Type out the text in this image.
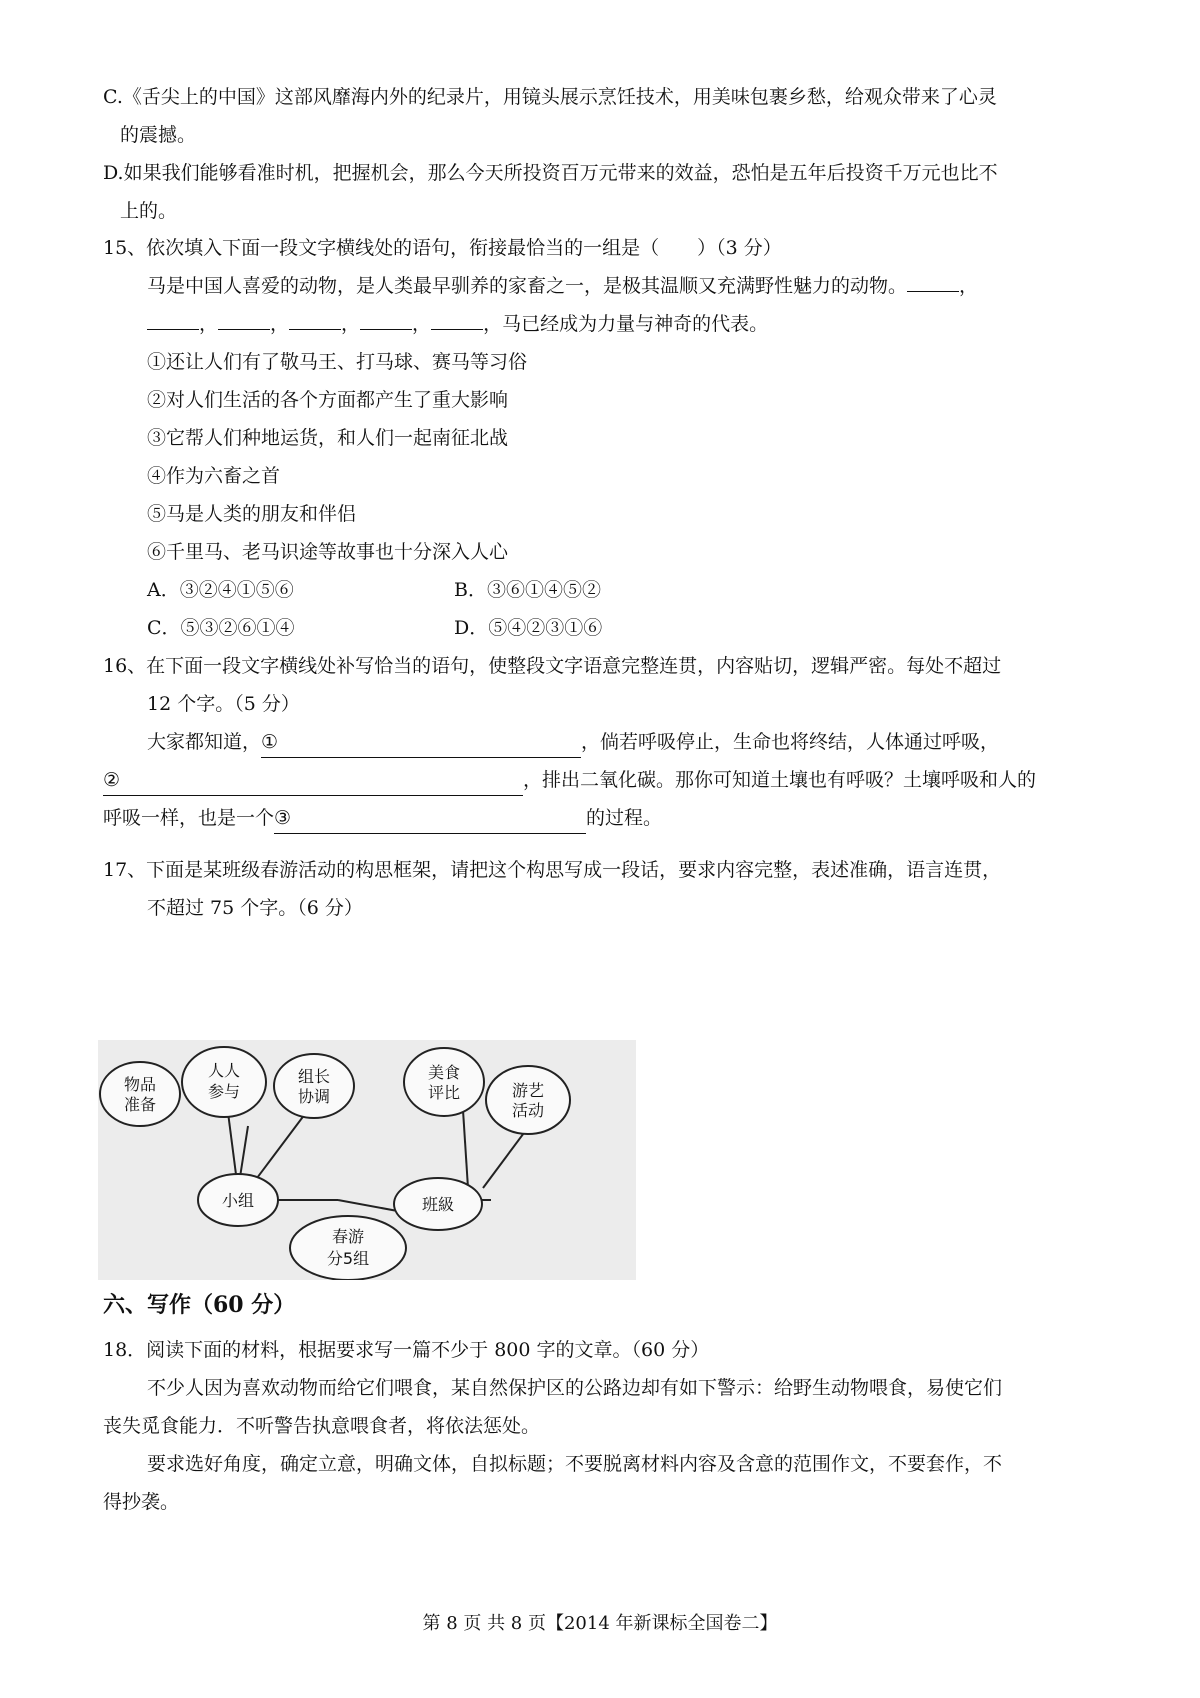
C.《舌尖上的中国》这部风靡海内外的纪录片，用镜头展示烹饪技术，用美味包裹乡愁，给观众带来了心灵
的震撼。
D.如果我们能够看准时机，把握机会，那么今天所投资百万元带来的效益，恐怕是五年后投资千万元也比不
上的。
15、依次填入下面一段文字横线处的语句，衔接最恰当的一组是（　　）（3 分）
马是中国人喜爱的动物，是人类最早驯养的家畜之一，是极其温顺又充满野性魅力的动物。	，
，	，	，	，	，马已经成为力量与神奇的代表。
①还让人们有了敬马王、打马球、赛马等习俗
②对人们生活的各个方面都产生了重大影响
③它帮人们种地运货，和人们一起南征北战
④作为六畜之首
⑤马是人类的朋友和伴侣
⑥千里马、老马识途等故事也十分深入人心
A．③②④①⑤⑥	B．③⑥①④⑤②
C．⑤③②⑥①④	D．⑤④②③①⑥
16、在下面一段文字横线处补写恰当的语句，使整段文字语意完整连贯，内容贴切，逻辑严密。每处不超过
12 个字。（5 分）
大家都知道，①	，倘若呼吸停止，生命也将终结，人体通过呼吸，
②	，排出二氧化碳。那你可知道土壤也有呼吸？土壤呼吸和人的
呼吸一样，也是一个③	的过程。
17、下面是某班级春游活动的构思框架，请把这个构思写成一段话，要求内容完整，表述准确，语言连贯，
不超过 75 个字。（6 分）
物品
准备
人人
参与
组长
协调
美食
评比	游艺
活动
小组	班級
春游
分5组
六、写作（60 分）
18．阅读下面的材料，根据要求写一篇不少于 800 字的文章。（60 分）
不少人因为喜欢动物而给它们喂食，某自然保护区的公路边却有如下警示：给野生动物喂食，易使它们
丧失觅食能力．不听警告执意喂食者，将依法惩处。
要求选好角度，确定立意，明确文体，自拟标题；不要脱离材料内容及含意的范围作文，不要套作，不
得抄袭。
第 8 页 共 8 页【2014 年新课标全国卷二】
